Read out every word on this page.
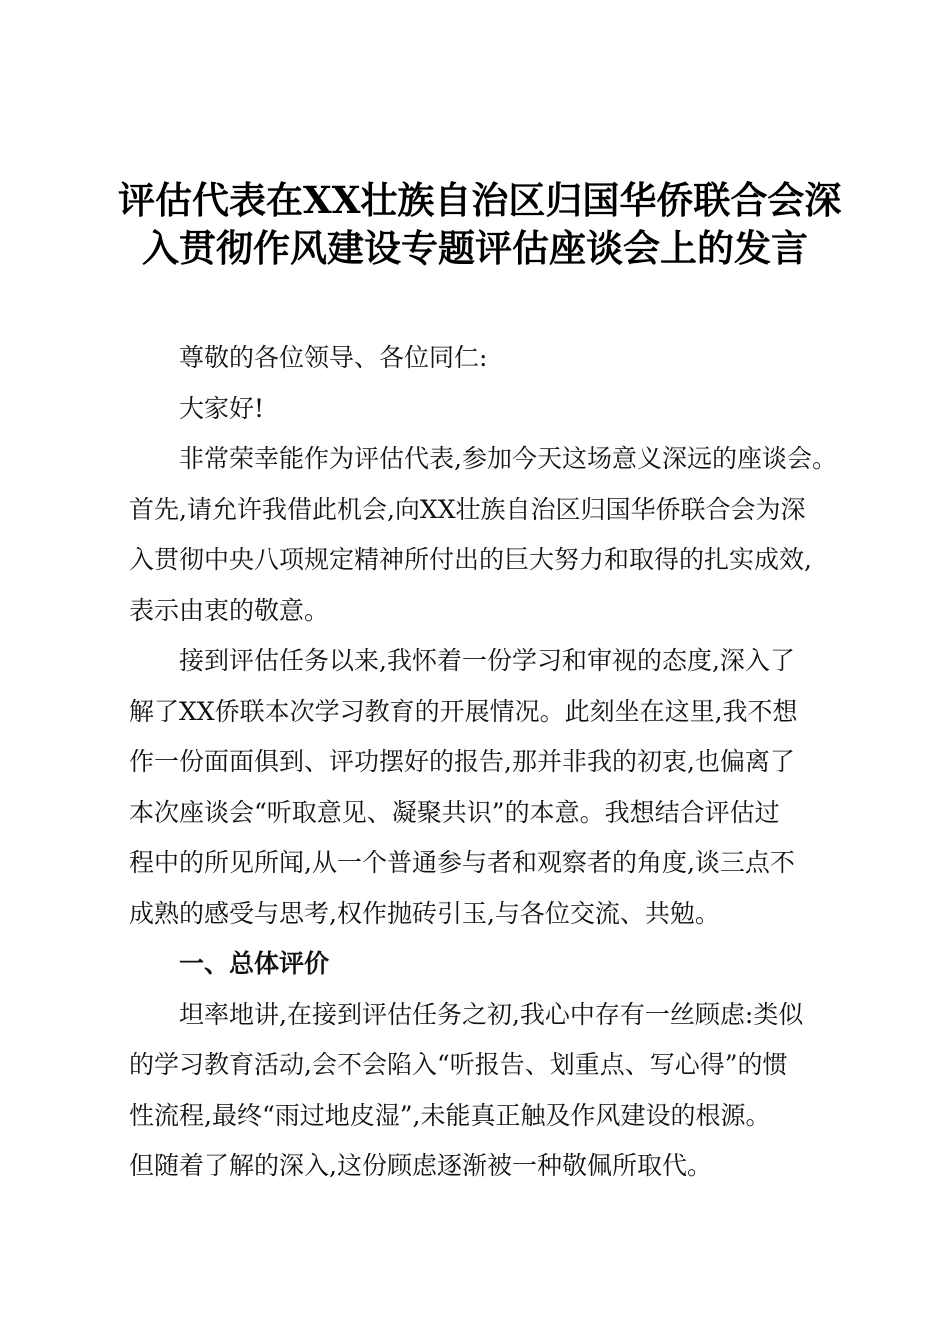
评估代表在XX壮族自治区归国华侨联合会深
入贯彻作风建设专题评估座谈会上的发言

尊敬的各位领导、各位同仁:

大家好!

非常荣幸能作为评估代表,参加今天这场意义深远的座谈会。
首先,请允许我借此机会,向XX壮族自治区归国华侨联合会为深
入贯彻中央八项规定精神所付出的巨大努力和取得的扎实成效,
表示由衷的敬意。

接到评估任务以来,我怀着一份学习和审视的态度,深入了
解了XX侨联本次学习教育的开展情况。此刻坐在这里,我不想
作一份面面俱到、评功摆好的报告,那并非我的初衷,也偏离了
本次座谈会“听取意见、凝聚共识”的本意。我想结合评估过
程中的所见所闻,从一个普通参与者和观察者的角度,谈三点不
成熟的感受与思考,权作抛砖引玉,与各位交流、共勉。

一、总体评价

坦率地讲,在接到评估任务之初,我心中存有一丝顾虑:类似
的学习教育活动,会不会陷入“听报告、划重点、写心得”的惯
性流程,最终“雨过地皮湿”,未能真正触及作风建设的根源。
但随着了解的深入,这份顾虑逐渐被一种敬佩所取代。
